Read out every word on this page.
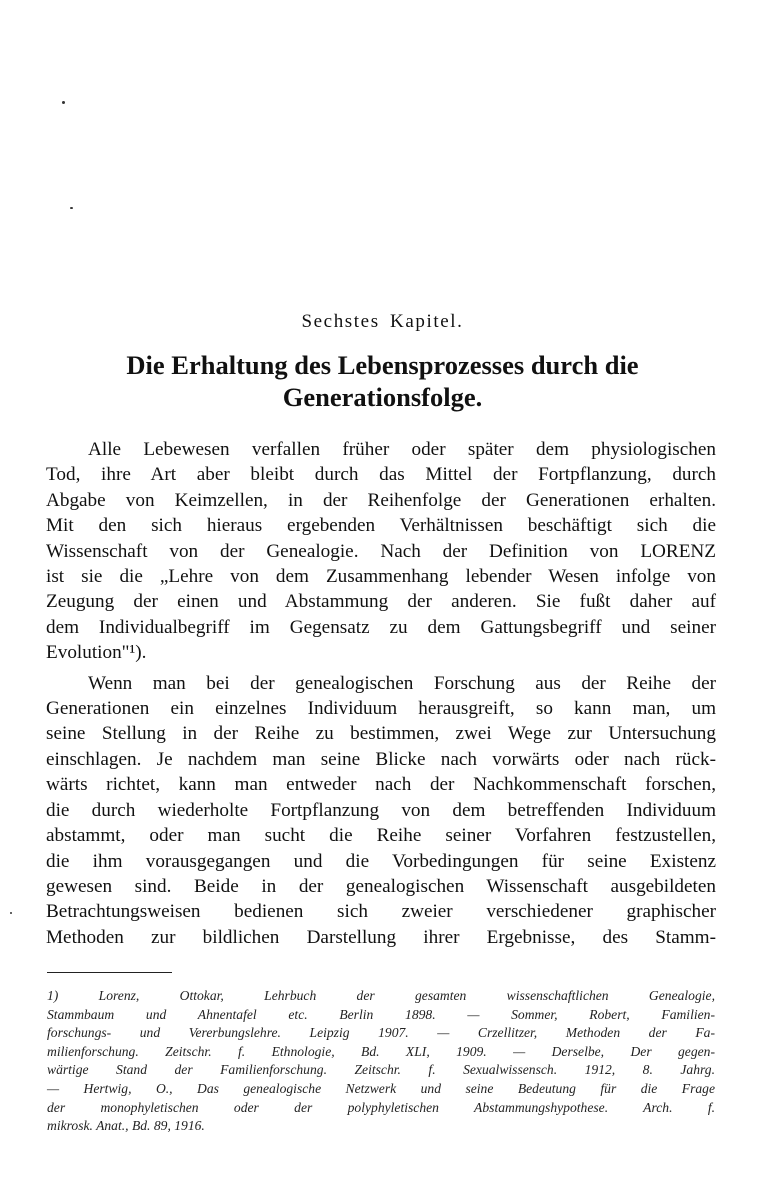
Sechstes Kapitel.
Die Erhaltung des Lebensprozesses durch die
Generationsfolge.

Alle Lebewesen verfallen früher oder später dem physiologischen
Tod, ihre Art aber bleibt durch das Mittel der Fortpflanzung, durch
Abgabe von Keimzellen, in der Reihenfolge der Generationen erhalten.
Mit den sich hieraus ergebenden Verhältnissen beschäftigt sich die
Wissenschaft von der Genealogie. Nach der Definition von LORENZ
ist sie die „Lehre von dem Zusammenhang lebender Wesen infolge von
Zeugung der einen und Abstammung der anderen. Sie fußt daher auf
dem Individualbegriff im Gegensatz zu dem Gattungsbegriff und seiner
Evolution"¹).

Wenn man bei der genealogischen Forschung aus der Reihe der
Generationen ein einzelnes Individuum herausgreift, so kann man, um
seine Stellung in der Reihe zu bestimmen, zwei Wege zur Untersuchung
einschlagen. Je nachdem man seine Blicke nach vorwärts oder nach rück-
wärts richtet, kann man entweder nach der Nachkommenschaft forschen,
die durch wiederholte Fortpflanzung von dem betreffenden Individuum
abstammt, oder man sucht die Reihe seiner Vorfahren festzustellen,
die ihm vorausgegangen und die Vorbedingungen für seine Existenz
gewesen sind. Beide in der genealogischen Wissenschaft ausgebildeten
Betrachtungsweisen bedienen sich zweier verschiedener graphischer
Methoden zur bildlichen Darstellung ihrer Ergebnisse, des Stamm-

1) Lorenz, Ottokar, Lehrbuch der gesamten wissenschaftlichen Genealogie,
Stammbaum und Ahnentafel etc. Berlin 1898. — Sommer, Robert, Familien-
forschungs- und Vererbungslehre. Leipzig 1907. — Crzellitzer, Methoden der Fa-
milienforschung. Zeitschr. f. Ethnologie, Bd. XLI, 1909. — Derselbe, Der gegen-
wärtige Stand der Familienforschung. Zeitschr. f. Sexualwissensch. 1912, 8. Jahrg.
— Hertwig, O., Das genealogische Netzwerk und seine Bedeutung für die Frage
der monophyletischen oder der polyphyletischen Abstammungshypothese. Arch. f.
mikrosk. Anat., Bd. 89, 1916.
